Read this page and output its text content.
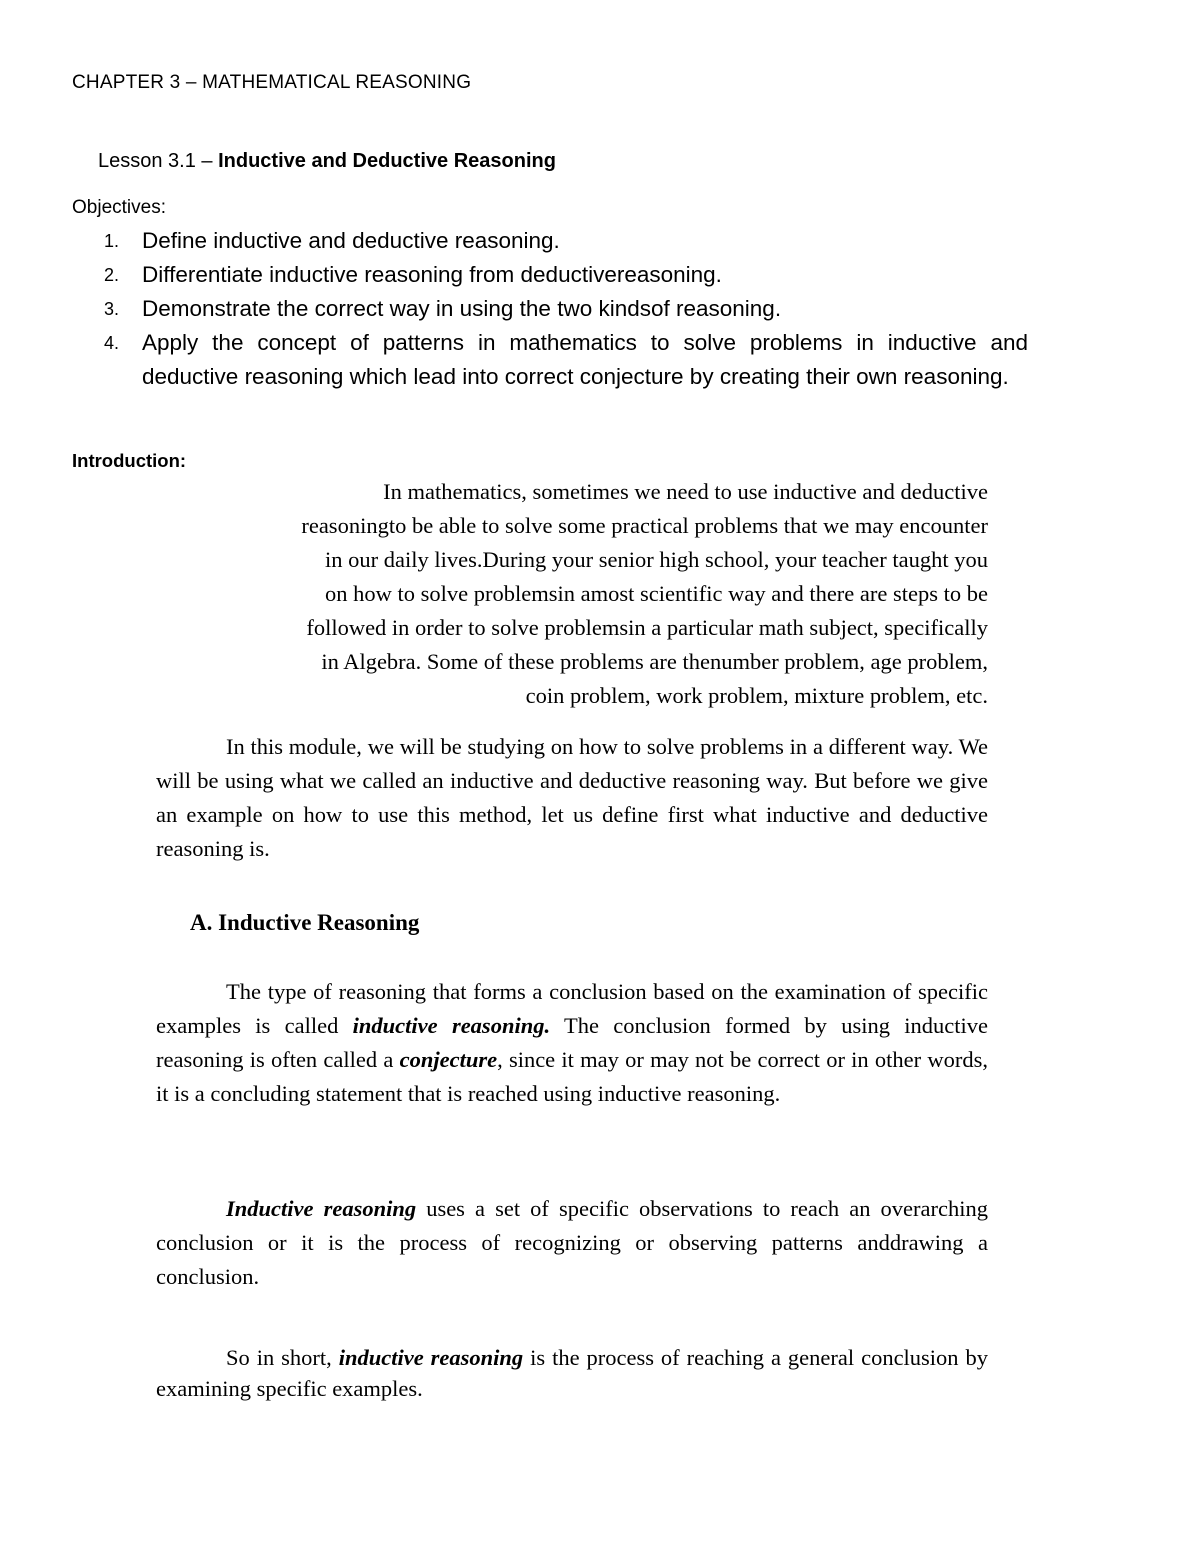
CHAPTER 3 – MATHEMATICAL REASONING
Lesson 3.1 – Inductive and Deductive Reasoning
Objectives:
1. Define inductive and deductive reasoning.
2. Differentiate inductive reasoning from deductivereasoning.
3. Demonstrate the correct way in using the two kindsof reasoning.
4. Apply the concept of patterns in mathematics to solve problems in inductive and deductive reasoning which lead into correct conjecture by creating their own reasoning.
Introduction:
In mathematics, sometimes we need to use inductive and deductive
reasoningto be able to solve some practical problems that we may encounter
in our daily lives.During your senior high school, your teacher taught you
on how to solve problemsin amost scientific way and there are steps to be
followed in order to solve problemsin a particular math subject, specifically
in Algebra. Some of these problems are thenumber problem, age problem,
coin problem, work problem, mixture problem, etc.
In this module, we will be studying on how to solve problems in a different way. We will be using what we called an inductive and deductive reasoning way. But before we give an example on how to use this method, let us define first what inductive and deductive reasoning is.
A. Inductive Reasoning
The type of reasoning that forms a conclusion based on the examination of specific examples is called inductive reasoning. The conclusion formed by using inductive reasoning is often called a conjecture, since it may or may not be correct or in other words, it is a concluding statement that is reached using inductive reasoning.
Inductive reasoning uses a set of specific observations to reach an overarching conclusion or it is the process of recognizing or observing patterns anddrawing a conclusion.
So in short, inductive reasoning is the process of reaching a general conclusion by examining specific examples.
